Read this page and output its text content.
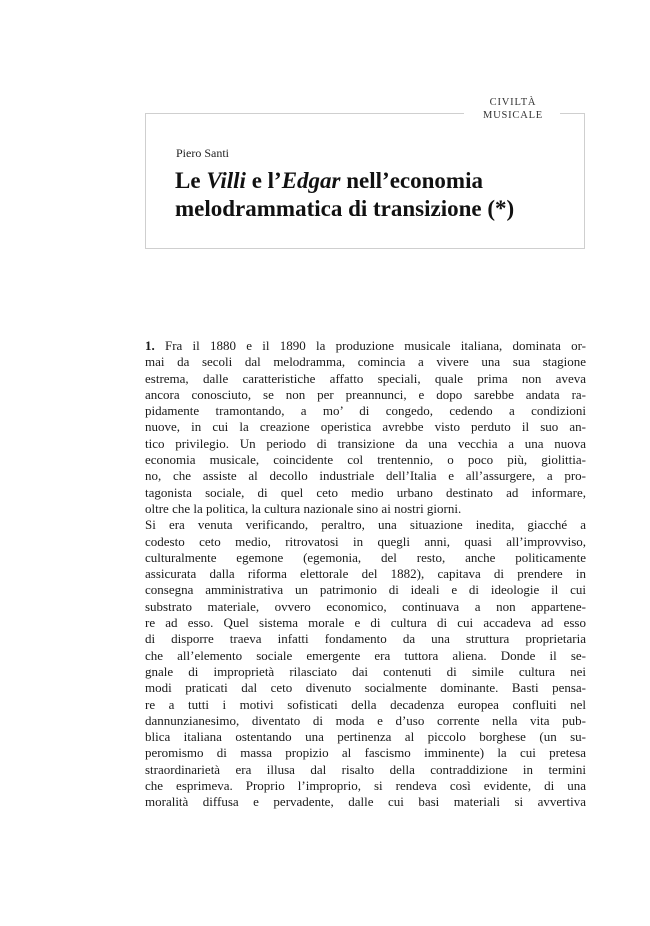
CIVILTÀ
MUSICALE
Piero Santi
Le Villi e l’Edgar nell’economia
melodrammatica di transizione (*)
1. Fra il 1880 e il 1890 la produzione musicale italiana, dominata or-
mai da secoli dal melodramma, comincia a vivere una sua stagione
estrema, dalle caratteristiche affatto speciali, quale prima non aveva
ancora conosciuto, se non per preannunci, e dopo sarebbe andata ra-
pidamente tramontando, a mo’ di congedo, cedendo a condizioni
nuove, in cui la creazione operistica avrebbe visto perduto il suo an-
tico privilegio. Un periodo di transizione da una vecchia a una nuova
economia musicale, coincidente col trentennio, o poco più, giolittia-
no, che assiste al decollo industriale dell’Italia e all’assurgere, a pro-
tagonista sociale, di quel ceto medio urbano destinato ad informare,
oltre che la politica, la cultura nazionale sino ai nostri giorni.
Si era venuta verificando, peraltro, una situazione inedita, giacché a
codesto ceto medio, ritrovatosi in quegli anni, quasi all’improvviso,
culturalmente egemone (egemonia, del resto, anche politicamente
assicurata dalla riforma elettorale del 1882), capitava di prendere in
consegna amministrativa un patrimonio di ideali e di ideologie il cui
substrato materiale, ovvero economico, continuava a non appartene-
re ad esso. Quel sistema morale e di cultura di cui accadeva ad esso
di disporre traeva infatti fondamento da una struttura proprietaria
che all’elemento sociale emergente era tuttora aliena. Donde il se-
gnale di improprietà rilasciato dai contenuti di simile cultura nei
modi praticati dal ceto divenuto socialmente dominante. Basti pensa-
re a tutti i motivi sofisticati della decadenza europea confluiti nel
dannunzianesimo, diventato di moda e d’uso corrente nella vita pub-
blica italiana ostentando una pertinenza al piccolo borghese (un su-
peromismo di massa propizio al fascismo imminente) la cui pretesa
straordinarietà era illusa dal risalto della contraddizione in termini
che esprimeva. Proprio l’improprio, si rendeva così evidente, di una
moralità diffusa e pervadente, dalle cui basi materiali si avvertiva
